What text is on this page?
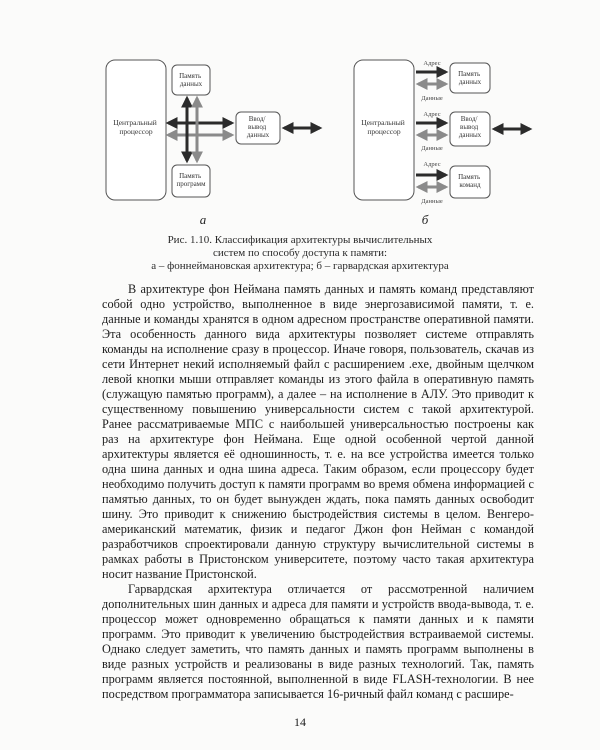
Центральный процессор
Память данных
Ввод/ вывод данных
Память программ
а
Центральный процессор
Память данных
Адрес
Данные
Ввод/ вывод данных
Адрес
Данные
Память команд
Адрес
Данные
б
Рис. 1.10. Классификация архитектуры вычислительных
систем по способу доступа к памяти:
а – фоннеймановская архитектура; б – гарвардская архитектура

В архитектуре фон Неймана память данных и память команд представляют собой одно устройство, выполненное в виде энергозависимой памяти, т. е. данные и команды хранятся в одном адресном пространстве оперативной памяти. Эта особенность данного вида архитектуры позволяет системе отправлять команды на исполнение сразу в процессор. Иначе говоря, пользователь, скачав из сети Интернет некий исполняемый файл с расширением .exe, двойным щелчком левой кнопки мыши отправляет команды из этого файла в оперативную память (служащую памятью программ), а далее – на исполнение в АЛУ. Это приводит к существенному повышению универсальности систем с такой архитектурой. Ранее рассматриваемые МПС с наибольшей универсальностью построены как раз на архитектуре фон Неймана. Еще одной особенной чертой данной архитектуры является её одношинность, т. е. на все устройства имеется только одна шина данных и одна шина адреса. Таким образом, если процессору будет необходимо получить доступ к памяти программ во время обмена информацией с памятью данных, то он будет вынужден ждать, пока память данных освободит шину. Это приводит к снижению быстродействия системы в целом. Венгеро-американский математик, физик и педагог Джон фон Нейман с командой разработчиков спроектировали данную структуру вычислительной системы в рамках работы в Пристонском университете, поэтому часто такая архитектура носит название Пристонской.

Гарвардская архитектура отличается от рассмотренной наличием дополнительных шин данных и адреса для памяти и устройств ввода-вывода, т. е. процессор может одновременно обращаться к памяти данных и к памяти программ. Это приводит к увеличению быстродействия встраиваемой системы. Однако следует заметить, что память данных и память программ выполнены в виде разных устройств и реализованы в виде разных технологий. Так, память программ является постоянной, выполненной в виде FLASH-технологии. В нее посредством программатора записывается 16-ричный файл команд с расшире-

14
